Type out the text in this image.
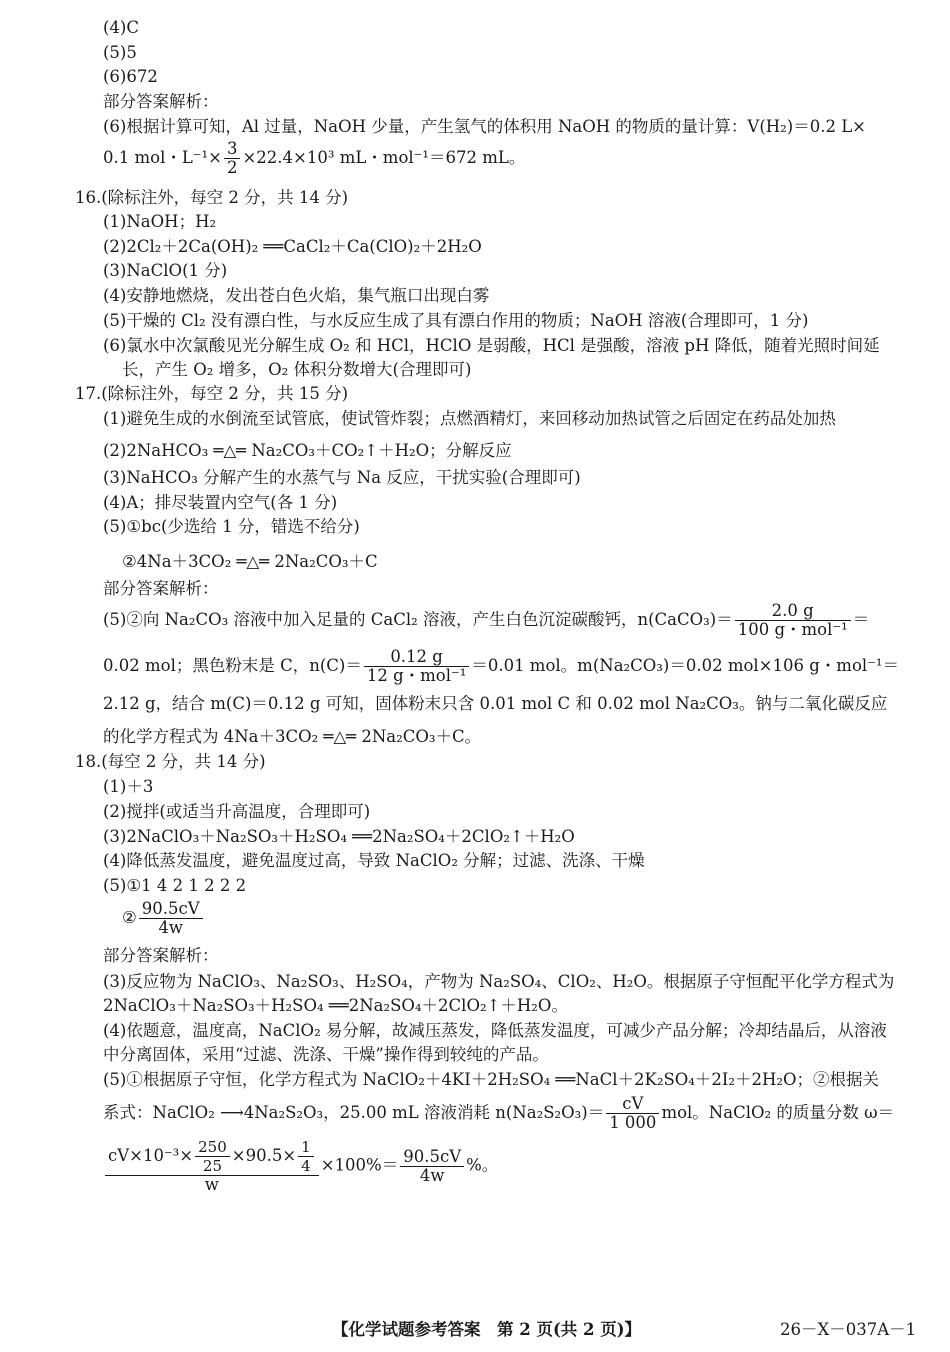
(4)C
(5)5
(6)672
部分答案解析：
(6)根据计算可知，Al 过量，NaOH 少量，产生氢气的体积用 NaOH 的物质的量计算：V(H₂)＝0.2 L×
0.1 mol・$L^{-1}\times \frac{3}{2} \times 22.4\times 10^3$ mL・mol⁻¹＝672 mL。
16.(除标注外，每空 2 分，共 14 分)
(1)NaOH；H₂
(2)2Cl₂＋2Ca(OH)₂ ══CaCl₂＋Ca(ClO)₂＋2H₂O
(3)NaClO(1 分)
(4)安静地燃烧，发出苍白色火焰，集气瓶口出现白雾
(5)干燥的 Cl₂ 没有漂白性，与水反应生成了具有漂白作用的物质；NaOH 溶液(合理即可，1 分)
(6)氯水中次氯酸见光分解生成 O₂ 和 HCl，HClO 是弱酸，HCl 是强酸，溶液 pH 降低，随着光照时间延
长，产生 O₂ 增多，O₂ 体积分数增大(合理即可)
17.(除标注外，每空 2 分，共 15 分)
(1)避免生成的水倒流至试管底，使试管炸裂；点燃酒精灯，来回移动加热试管之后固定在药品处加热
(2)2NaHCO₃ ═△═ Na₂CO₃＋CO₂↑＋H₂O；分解反应
(3)NaHCO₃ 分解产生的水蒸气与 Na 反应，干扰实验(合理即可)
(4)A；排尽装置内空气(各 1 分)
(5)①bc(少选给 1 分，错选不给分)
②4Na＋3CO₂ ═△═ 2Na₂CO₃＋C
部分答案解析：
(5)②向 Na₂CO₃ 溶液中加入足量的 CaCl₂ 溶液，产生白色沉淀碳酸钙，n(CaCO₃)＝ $\frac{2.0 g}{\text{100 g・mol⁻¹}}$ ＝
0.02 mol；黑色粉末是 C，$n(C)= \frac{0.12 g}{\text{12 g・mol⁻¹}} =0.01$ mol。m(Na₂CO₃)＝0.02 mol×106 g・mol⁻¹＝
2.12 g，结合 m(C)＝0.12 g 可知，固体粉末只含 0.01 mol C 和 0.02 mol Na₂CO₃。钠与二氧化碳反应
的化学方程式为 4Na＋3CO₂ ═△═ 2Na₂CO₃＋C。
18.(每空 2 分，共 14 分)
(1)＋3
(2)搅拌(或适当升高温度，合理即可)
(3)2NaClO₃＋Na₂SO₃＋H₂SO₄ ══2Na₂SO₄＋2ClO₂↑＋H₂O
(4)降低蒸发温度，避免温度过高，导致 NaClO₂ 分解；过滤、洗涤、干燥
(5)①1 4 2 1 2 2 2
② $\frac{90.5cV}{4w}$
部分答案解析：
(3)反应物为 NaClO₃、Na₂SO₃、H₂SO₄，产物为 Na₂SO₄、ClO₂、H₂O。根据原子守恒配平化学方程式为
2NaClO₃＋Na₂SO₃＋H₂SO₄ ══2Na₂SO₄＋2ClO₂↑＋H₂O。
(4)依题意，温度高，NaClO₂ 易分解，故减压蒸发，降低蒸发温度，可减少产品分解；冷却结晶后，从溶液
中分离固体，采用“过滤、洗涤、干燥”操作得到较纯的产品。
(5)①根据原子守恒，化学方程式为 NaClO₂＋4KI＋2H₂SO₄ ══NaCl＋2K₂SO₄＋2I₂＋2H₂O；②根据关
系式：NaClO₂ ⟶4Na₂S₂O₃，25.00 mL 溶液消耗 $n(Na_2S_2O_3)= \frac{cV}{1 000}$ mol。NaClO₂ 的质量分数 ω＝
$\frac{cV\times 10^{-3}\times \frac{250}{25} \times 90.5\times \frac{1}{4}}{w} \times 100\%= \frac{90.5cV}{4w}$ %。
【化学试题参考答案　第 2 页(共 2 页)】	26－X－037A－1
